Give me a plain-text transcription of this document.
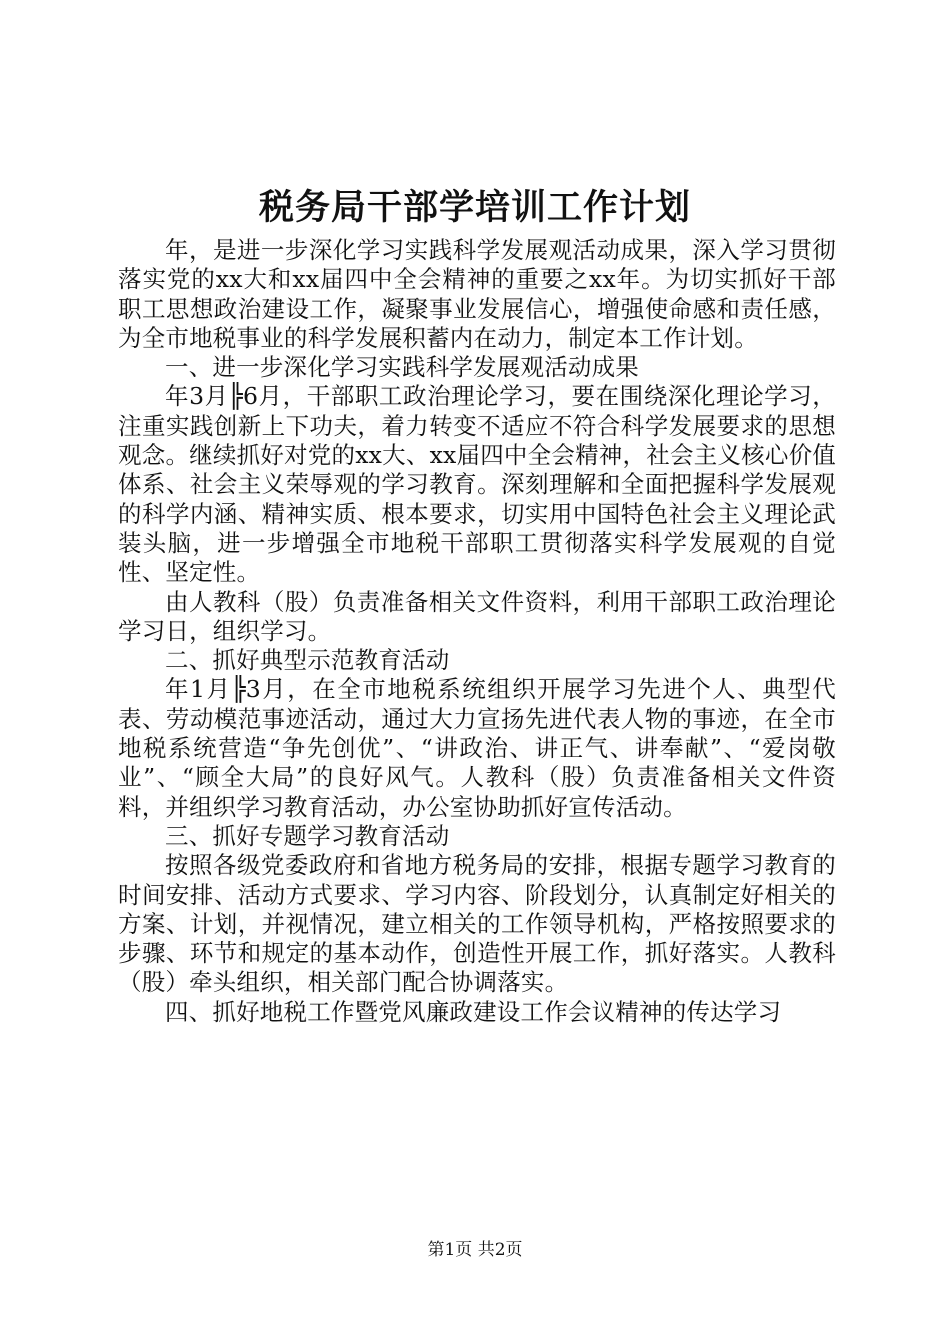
税务局干部学培训工作计划

年，是进一步深化学习实践科学发展观活动成果，深入学习贯彻落实党的xx大和xx届四中全会精神的重要之xx年。为切实抓好干部职工思想政治建设工作，凝聚事业发展信心，增强使命感和责任感，为全市地税事业的科学发展积蓄内在动力，制定本工作计划。

一、进一步深化学习实践科学发展观活动成果

年3月╠6月，干部职工政治理论学习，要在围绕深化理论学习，注重实践创新上下功夫，着力转变不适应不符合科学发展要求的思想观念。继续抓好对党的xx大、xx届四中全会精神，社会主义核心价值体系、社会主义荣辱观的学习教育。深刻理解和全面把握科学发展观的科学内涵、精神实质、根本要求，切实用中国特色社会主义理论武装头脑，进一步增强全市地税干部职工贯彻落实科学发展观的自觉性、坚定性。

由人教科（股）负责准备相关文件资料，利用干部职工政治理论学习日，组织学习。

二、抓好典型示范教育活动

年1月╠3月，在全市地税系统组织开展学习先进个人、典型代表、劳动模范事迹活动，通过大力宣扬先进代表人物的事迹，在全市地税系统营造“争先创优”、“讲政治、讲正气、讲奉献”、“爱岗敬业”、“顾全大局”的良好风气。人教科（股）负责准备相关文件资料，并组织学习教育活动，办公室协助抓好宣传活动。

三、抓好专题学习教育活动

按照各级党委政府和省地方税务局的安排，根据专题学习教育的时间安排、活动方式要求、学习内容、阶段划分，认真制定好相关的方案、计划，并视情况，建立相关的工作领导机构，严格按照要求的步骤、环节和规定的基本动作，创造性开展工作，抓好落实。人教科（股）牵头组织，相关部门配合协调落实。

四、抓好地税工作暨党风廉政建设工作会议精神的传达学习

第1页 共2页
